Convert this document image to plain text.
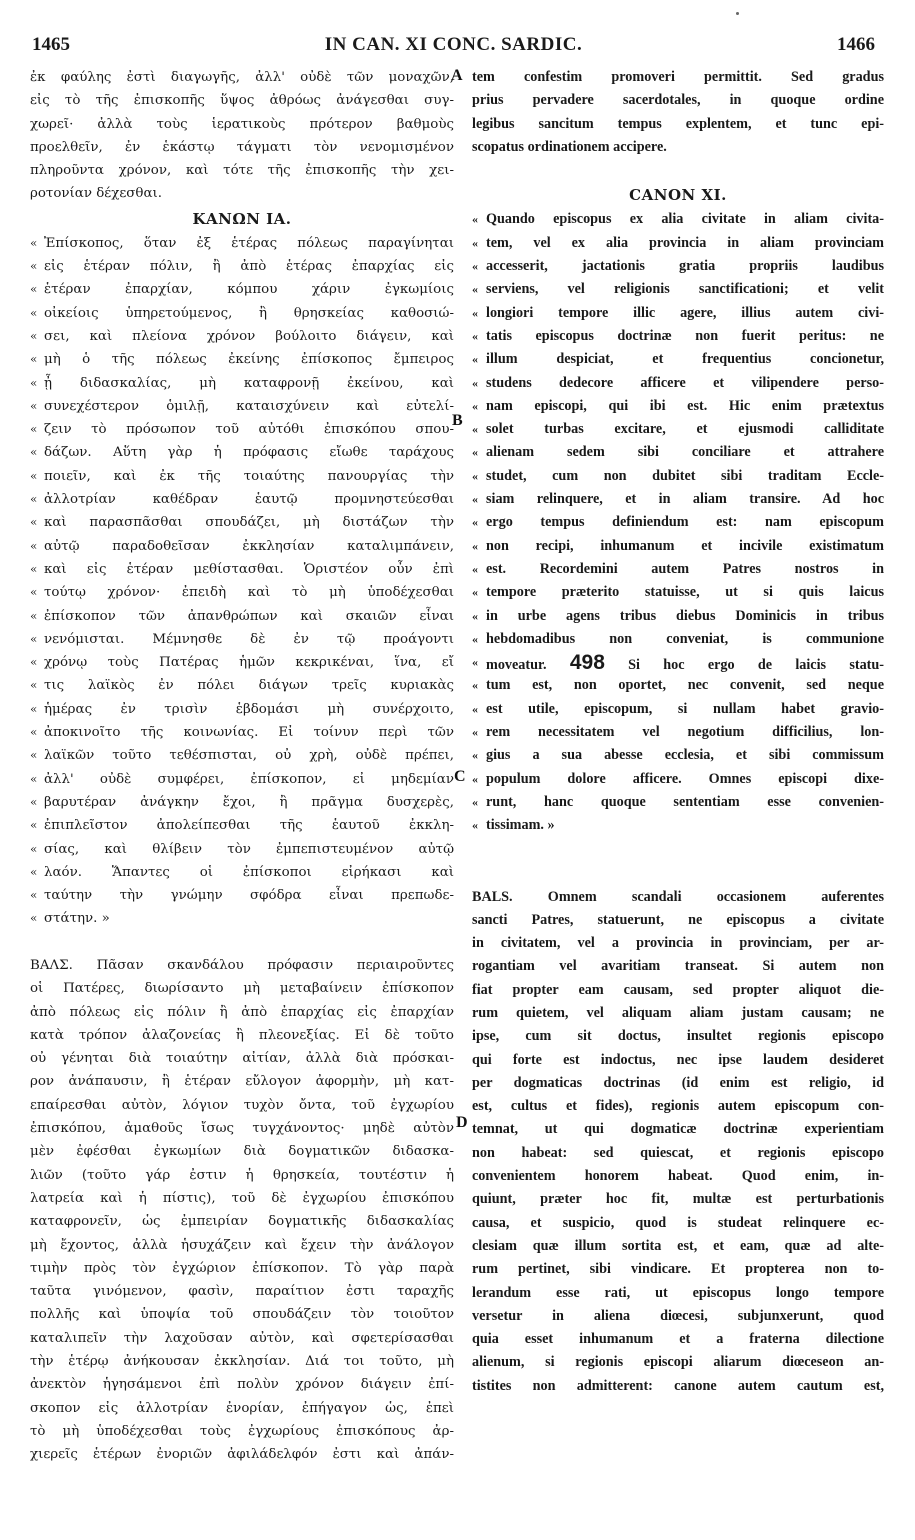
1465	IN CAN. XI CONC. SARDIC.	1466
A
B
C
D
ἐκ φαύλης ἐστὶ διαγωγῆς, ἀλλ' οὐδὲ τῶν μοναχῶν,
εἰς τὸ τῆς ἐπισκοπῆς ὕψος ἀθρόως ἀνάγεσθαι συγ-
χωρεῖ· ἀλλὰ τοὺς ἱερατικοὺς πρότερον βαθμοὺς
προελθεῖν, ἐν ἑκάστῳ τάγματι τὸν νενομισμένον
πληροῦντα χρόνον, καὶ τότε τῆς ἐπισκοπῆς τὴν χει-
ροτονίαν δέχεσθαι.
ΚΑΝΩΝ ΙΑ.
« Ἐπίσκοπος, ὅταν ἐξ ἑτέρας πόλεως παραγίνηται
« εἰς ἑτέραν πόλιν, ἢ ἀπὸ ἑτέρας ἐπαρχίας εἰς
« ἑτέραν ἐπαρχίαν, κόμπου χάριν ἐγκωμίοις
« οἰκείοις ὑπηρετούμενος, ἢ θρησκείας καθοσιώ-
« σει, καὶ πλείονα χρόνον βούλοιτο διάγειν, καὶ
« μὴ ὁ τῆς πόλεως ἐκείνης ἐπίσκοπος ἔμπειρος
« ᾖ διδασκαλίας, μὴ καταφρονῇ ἐκείνου, καὶ
« συνεχέστερον ὁμιλῇ, καταισχύνειν καὶ εὐτελί-
« ζειν τὸ πρόσωπον τοῦ αὐτόθι ἐπισκόπου σπου-
« δάζων. Αὕτη γὰρ ἡ πρόφασις εἴωθε ταράχους
« ποιεῖν, καὶ ἐκ τῆς τοιαύτης πανουργίας τὴν
« ἀλλοτρίαν καθέδραν ἑαυτῷ προμνηστεύεσθαι
« καὶ παρασπᾶσθαι σπουδάζει, μὴ διστάζων τὴν
« αὐτῷ παραδοθεῖσαν ἐκκλησίαν καταλιμπάνειν,
« καὶ εἰς ἑτέραν μεθίστασθαι. Ὁριστέον οὖν ἐπὶ
« τούτῳ χρόνον· ἐπειδὴ καὶ τὸ μὴ ὑποδέχεσθαι
« ἐπίσκοπον τῶν ἀπανθρώπων καὶ σκαιῶν εἶναι
« νενόμισται. Μέμνησθε δὲ ἐν τῷ προάγοντι
« χρόνῳ τοὺς Πατέρας ἡμῶν κεκρικέναι, ἵνα, εἴ
« τις λαϊκὸς ἐν πόλει διάγων τρεῖς κυριακὰς
« ἡμέρας ἐν τρισὶν ἑβδομάσι μὴ συνέρχοιτο,
« ἀποκινοῖτο τῆς κοινωνίας. Εἰ τοίνυν περὶ τῶν
« λαϊκῶν τοῦτο τεθέσπισται, οὐ χρὴ, οὐδὲ πρέπει,
« ἀλλ' οὐδὲ συμφέρει, ἐπίσκοπον, εἰ μηδεμίαν
« βαρυτέραν ἀνάγκην ἔχοι, ἢ πρᾶγμα δυσχερὲς,
« ἐπιπλεῖστον ἀπολείπεσθαι τῆς ἑαυτοῦ ἐκκλη-
« σίας, καὶ θλίβειν τὸν ἐμπεπιστευμένον αὐτῷ
« λαόν. Ἅπαντες οἱ ἐπίσκοποι εἰρήκασι καὶ
« ταύτην τὴν γνώμην σφόδρα εἶναι πρεπωδε-
« στάτην. »
ΒΑΛΣ. Πᾶσαν σκανδάλου πρόφασιν περιαιροῦντες
οἱ Πατέρες, διωρίσαντο μὴ μεταβαίνειν ἐπίσκοπον
ἀπὸ πόλεως εἰς πόλιν ἢ ἀπὸ ἐπαρχίας εἰς ἐπαρχίαν
κατὰ τρόπον ἀλαζονείας ἢ πλεονεξίας. Εἰ δὲ τοῦτο
οὐ γένηται διὰ τοιαύτην αἰτίαν, ἀλλὰ διὰ πρόσκαι-
ρον ἀνάπαυσιν, ἢ ἑτέραν εὔλογον ἀφορμὴν, μὴ κατ-
επαίρεσθαι αὐτὸν, λόγιον τυχὸν ὄντα, τοῦ ἐγχωρίου
ἐπισκόπου, ἀμαθοῦς ἴσως τυγχάνοντος· μηδὲ αὐτὸν
μὲν ἐφέσθαι ἐγκωμίων διὰ δογματικῶν διδασκα-
λιῶν (τοῦτο γάρ ἐστιν ἡ θρησκεία, τουτέστιν ἡ
λατρεία καὶ ἡ πίστις), τοῦ δὲ ἐγχωρίου ἐπισκόπου
καταφρονεῖν, ὡς ἐμπειρίαν δογματικῆς διδασκαλίας
μὴ ἔχοντος, ἀλλὰ ἡσυχάζειν καὶ ἔχειν τὴν ἀνάλογον
τιμὴν πρὸς τὸν ἐγχώριον ἐπίσκοπον. Τὸ γὰρ παρὰ
ταῦτα γινόμενον, φασὶν, παραίτιον ἐστι ταραχῆς
πολλῆς καὶ ὑποψία τοῦ σπουδάζειν τὸν τοιοῦτον
καταλιπεῖν τὴν λαχοῦσαν αὐτὸν, καὶ σφετερίσασθαι
τὴν ἑτέρῳ ἀνήκουσαν ἐκκλησίαν. Διά τοι τοῦτο, μὴ
ἀνεκτὸν ἡγησάμενοι ἐπὶ πολὺν χρόνον διάγειν ἐπί-
σκοπον εἰς ἀλλοτρίαν ἐνορίαν, ἐπήγαγον ὡς, ἐπεὶ
τὸ μὴ ὑποδέχεσθαι τοὺς ἐγχωρίους ἐπισκόπους ἀρ-
χιερεῖς ἑτέρων ἐνοριῶν ἀφιλάδελφόν ἐστι καὶ ἀπάν-
tem confestim promoveri permittit. Sed gradus
prius pervadere sacerdotales, in quoque ordine
legibus sancitum tempus explentem, et tunc epi-
scopatus ordinationem accipere.
CANON XI.
« Quando episcopus ex alia civitate in aliam civita-
« tem, vel ex alia provincia in aliam provinciam
« accesserit, jactationis gratia propriis laudibus
« serviens, vel religionis sanctificationi; et velit
« longiori tempore illic agere, illius autem civi-
« tatis episcopus doctrinæ non fuerit peritus: ne
« illum despiciat, et frequentius concionetur,
« studens dedecore afficere et vilipendere perso-
« nam episcopi, qui ibi est. Hic enim prætextus
« solet turbas excitare, et ejusmodi calliditate
« alienam sedem sibi conciliare et attrahere
« studet, cum non dubitet sibi traditam Eccle-
« siam relinquere, et in aliam transire. Ad hoc
« ergo tempus definiendum est: nam episcopum
« non recipi, inhumanum et incivile existimatum
« est. Recordemini autem Patres nostros in
« tempore præterito statuisse, ut si quis laicus
« in urbe agens tribus diebus Dominicis in tribus
« hebdomadibus non conveniat, is communione
« moveatur. 498 Si hoc ergo de laicis statu-
« tum est, non oportet, nec convenit, sed neque
« est utile, episcopum, si nullam habet gravio-
« rem necessitatem vel negotium difficilius, lon-
« gius a sua abesse ecclesia, et sibi commissum
« populum dolore afficere. Omnes episcopi dixe-
« runt, hanc quoque sententiam esse convenien-
« tissimam. »
BALS. Omnem scandali occasionem auferentes
sancti Patres, statuerunt, ne episcopus a civitate
in civitatem, vel a provincia in provinciam, per ar-
rogantiam vel avaritiam transeat. Si autem non
fiat propter eam causam, sed propter aliquot die-
rum quietem, vel aliquam aliam justam causam; ne
ipse, cum sit doctus, insultet regionis episcopo
qui forte est indoctus, nec ipse laudem desideret
per dogmaticas doctrinas (id enim est religio, id
est, cultus et fides), regionis autem episcopum con-
temnat, ut qui dogmaticæ doctrinæ experientiam
non habeat: sed quiescat, et regionis episcopo
convenientem honorem habeat. Quod enim, in-
quiunt, præter hoc fit, multæ est perturbationis
causa, et suspicio, quod is studeat relinquere ec-
clesiam quæ illum sortita est, et eam, quæ ad alte-
rum pertinet, sibi vindicare. Et propterea non to-
lerandum esse rati, ut episcopus longo tempore
versetur in aliena diœcesi, subjunxerunt, quod
quia esset inhumanum et a fraterna dilectione
alienum, si regionis episcopi aliarum diœceseon an-
tistites non admitterent: canone autem cautum est,
